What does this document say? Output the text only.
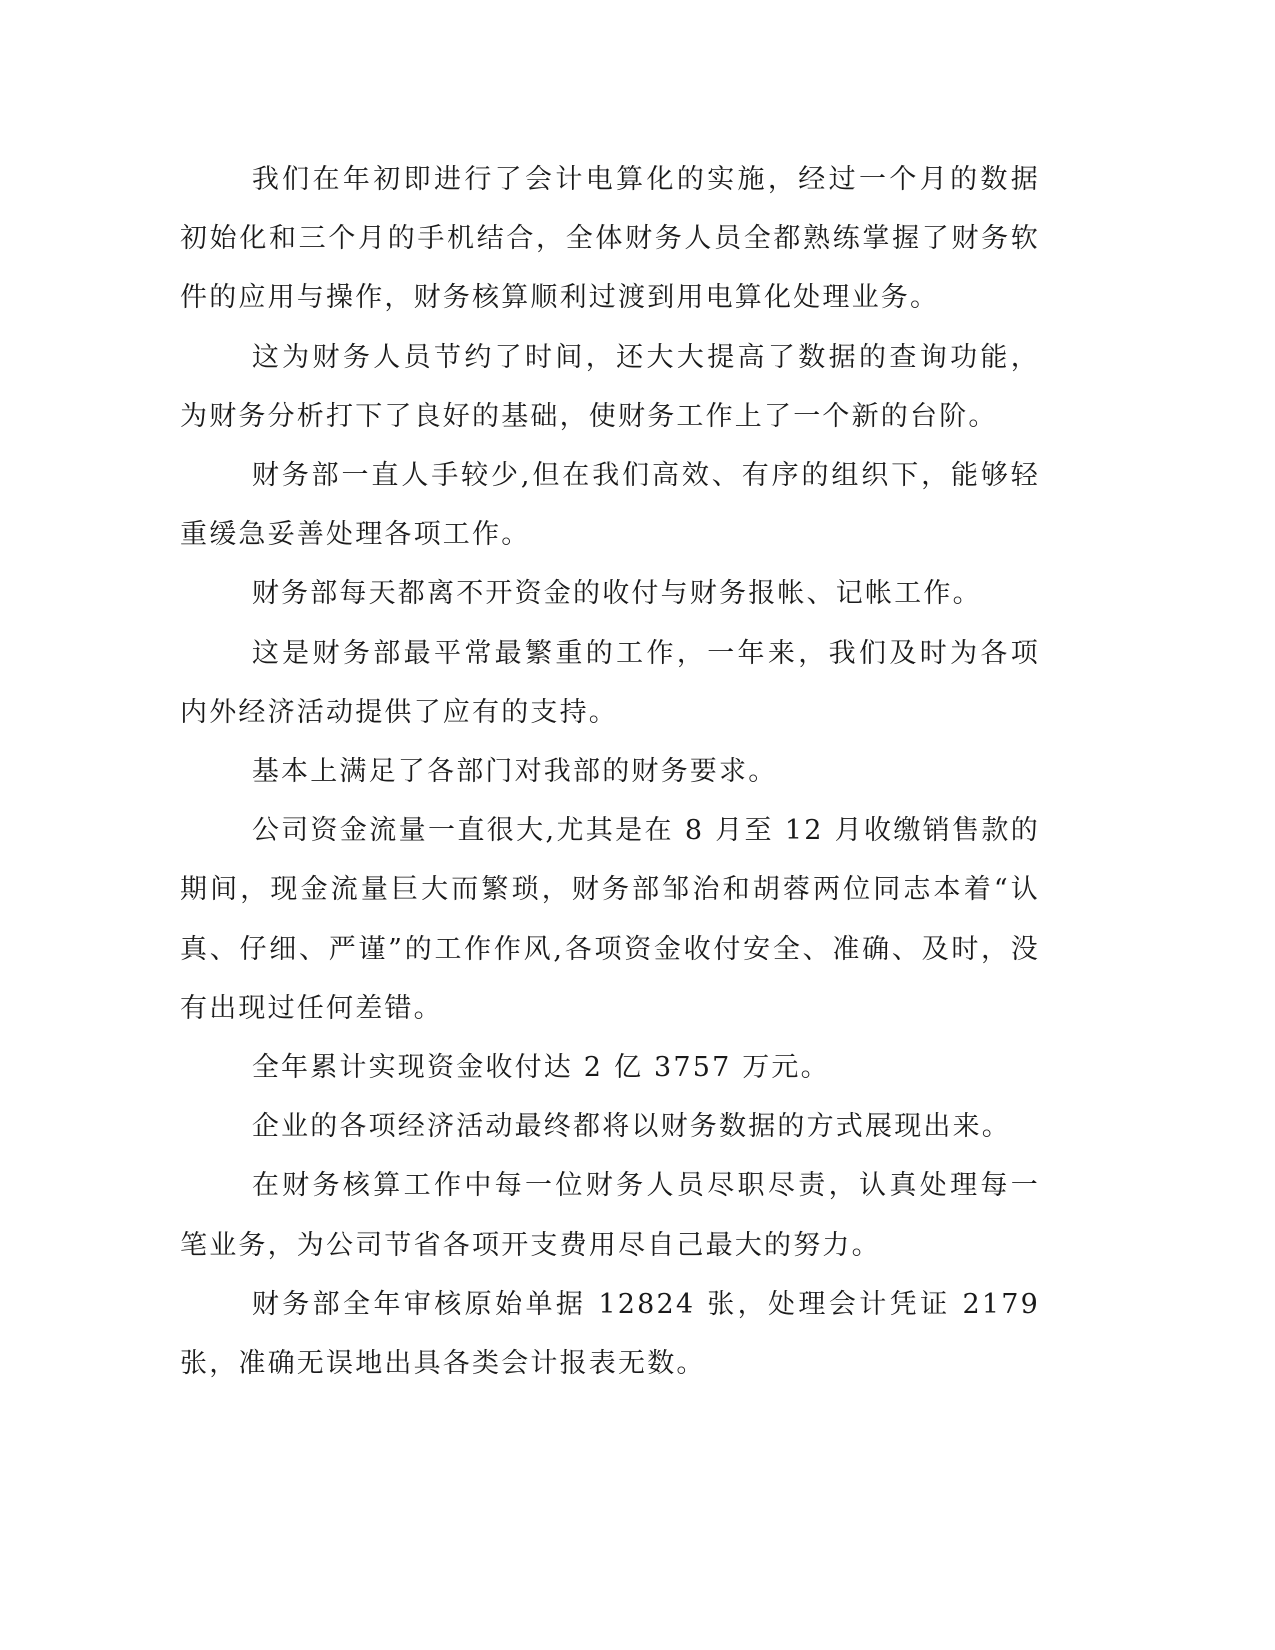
我们在年初即进行了会计电算化的实施，经过一个月的数据初始化和三个月的手机结合，全体财务人员全都熟练掌握了财务软件的应用与操作，财务核算顺利过渡到用电算化处理业务。

这为财务人员节约了时间，还大大提高了数据的查询功能，为财务分析打下了良好的基础，使财务工作上了一个新的台阶。

财务部一直人手较少,但在我们高效、有序的组织下，能够轻重缓急妥善处理各项工作。

财务部每天都离不开资金的收付与财务报帐、记帐工作。

这是财务部最平常最繁重的工作，一年来，我们及时为各项内外经济活动提供了应有的支持。

基本上满足了各部门对我部的财务要求。

公司资金流量一直很大,尤其是在 8 月至 12 月收缴销售款的期间，现金流量巨大而繁琐，财务部邹治和胡蓉两位同志本着“认真、仔细、严谨”的工作作风,各项资金收付安全、准确、及时，没有出现过任何差错。

全年累计实现资金收付达 2 亿 3757 万元。

企业的各项经济活动最终都将以财务数据的方式展现出来。

在财务核算工作中每一位财务人员尽职尽责，认真处理每一笔业务，为公司节省各项开支费用尽自己最大的努力。

财务部全年审核原始单据 12824 张，处理会计凭证 2179 张，准确无误地出具各类会计报表无数。
